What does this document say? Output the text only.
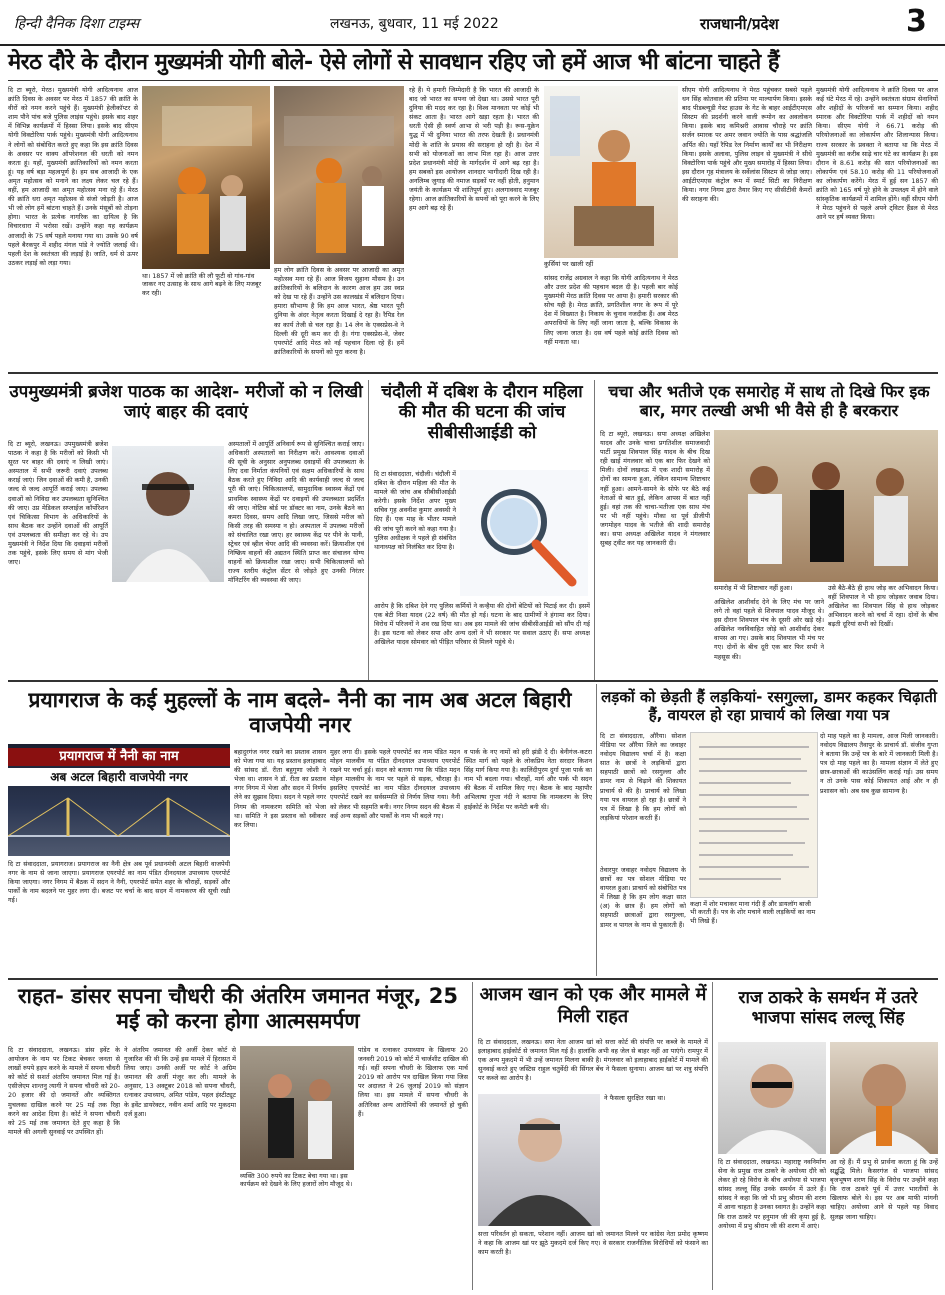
हिन्दी दैनिक दिशा टाइम्स	लखनऊ, बुधवार, 11 मई 2022	राजधानी/प्रदेश	3
मेरठ दौरे के दौरान मुख्यमंत्री योगी बोले- ऐसे लोगों से सावधान रहिए जो हमें आज भी बांटना चाहते हैं
दि टा ब्यूरो, मेरठ। मुख्यमंत्री योगी आदित्यनाथ आज क्रांति दिवस के अवसर पर मेरठ में 1857 की क्रांति के वीरों को नमन करने पहुंचे हैं। मुख्यमंत्री हेलीकॉप्टर से शाम पौने पांच बजे पुलिस लाइंस पहुंचे। इसके बाद शहर में विभिन्न कार्यक्रमों में हिस्सा लिया। इसके बाद सीएम योगी विक्टोरिया पार्क पहुंचे। मुख्यमंत्री योगी आदित्यनाथ ने लोगों को संबोधित करते हुए कहा कि इस क्रांति दिवस के अवसर पर वाक्य ऑपरेशनल की धरती को नमन करता हूं। यहाँ, मुख्यमंत्री क्रांतिकारियों को नमन करता हूं। यह वर्ष बड़ा महत्वपूर्ण है। हम सब आजादी के एक अमृत महोत्सव को मनाने का लक्ष्य लेकर चल रहे हैं। वहीं, हम आजादी का अमृत महोत्सव मना रहे हैं। मेरठ की क्रांति धरा अमृत महोत्सव से संजो जोड़ती है। आज भी जो लोग हमें बांटना चाहते हैं। उनके मंसूबों को तोड़ना होगा। भारत के प्रत्येक नागरिक का दायित्व है कि विचारधारा में भरोसा रखें। उन्होंने कहा यह कार्यक्रम आजादी के 75 वर्ष पहले मनाया गया था। उसके 90 वर्ष पहले बैरकपुर में शहीद मंगल पांडे ने ज्योति जलाई थी। पहली देश के स्वतंत्रता की लड़ाई है। जाति, धर्म से ऊपर उठकर लड़ाई को लड़ा गया।
था। 1857 में जो क्रांति की लौ फूटी वो गांव-गांव जाकर नए उत्साह के साथ आगे बढ़ने के लिए मजबूर कर रही।
हम लोग क्रांति दिवस के अवसर पर आजादी का अमृत महोत्सव मना रहे हैं। आज विजय सुहाना मौसम है। उन क्रांतिकारियों के बलिदान के कारण आज हम उस स्वप्न को देख पा रहे हैं। उन्होंने उस कालखंड में बलिदान दिया। हमारा सौभाग्य है कि हम आज भारत, श्रेष्ठ भारत पूरी दुनिया के अंदर नेतृत्व करता दिखाई दे रहा है। रैपिड रेल का कार्य तेजी से चल रहा है। 14 लेन के एक्सप्रेस-वे ने दिल्ली की दूरी कम कर दी है। गंगा एक्सप्रेस-वे, जेवर एयरपोर्ट आदि मेरठ को नई पहचान दिला रहे हैं। हमें क्रांतिकारियों के सपनों को पूरा करना है।
रहे हैं। ये हमारी जिम्मेदारी है कि भारत की आजादी के बाद जो भारत का सपना जो देखा था। उससे भारत पूरी दुनिया की मदद कर रहा है। विश्व मानवता पर कोई भी संकट आता है। भारत आगे खड़ा रहता है। भारत की धरती ऐसी ही स्वर्ण आभा से भरी पड़ी है। रूस-यूक्रेन युद्ध में भी दुनिया भारत की तरफ देखती है। प्रधानमंत्री मोदी के शांति के प्रयास की सराहना हो रही है। देश में सभी को योजनाओं का लाभ मिल रहा है। आज उत्तर प्रदेश प्रधानमंत्री मोदी के मार्गदर्शन में आगे बढ़ रहा है। हम सबको इस आयोजन शानदार भागीदारी दिख रही है। अनलिम्ब जुगाड़ की नमाज सड़कों पर नहीं होती, हनुमान जयंती के कार्यक्रम भी शांतिपूर्ण हुए। अलगाववाद मजबूर रहेगा। आज क्रांतिकारियों के सपनों को पूरा करने के लिए हम आगे बढ़ रहे हैं।
कुर्सियां पर खाली रहीं
सांसद राजेंद्र अग्रवाल ने कहा कि योगी आदित्यनाथ ने मेरठ और उत्तर प्रदेश की पहचान बदल दी है। पहली बार कोई मुख्यमंत्री मेरठ क्रांति दिवस पर आया है। हमारी सरकार की सोच यही है। मेरठ क्रांति, प्रगतिशील नगर के रूप में पूरे देश में विख्यात है। निकाय के चुनाव नजदीक हैं। अब मेरठ अपराधियों के लिए नहीं जाना जाता है, बल्कि विकास के लिए जाना जाता है। दस वर्ष पहले कोई क्रांति दिवस को नहीं मनाता था।
सीएम योगी आदित्यनाथ ने मेरठ पहुंचकर सबसे पहले धन सिंह कोतवाल की प्रतिमा पर माल्यार्पण किया। इसके बाद पीडब्ल्यूडी गेस्ट हाउस के गेट के बाहर आईटीएमएस सिस्टम की प्रदर्शनी करने वाली रूमोन का अवलोकन किया। इसके बाद कमिश्नरी आवास चौराहे पर क्रांति सर्जन स्मारक पर अमर जवान ज्योति के पास श्रद्धांजलि अर्पित की। यहाँ रैपिड रेल निर्माण कार्यों का भी निरीक्षण किया। इसके अलावा, पुलिस लाइन से मुख्यमंत्री ने सीधे विक्टोरिया पार्क पहुंचे और मुख्य समारोह में हिस्सा लिया। इस दौरान गृह मंत्रालय के सर्वेलांस सिस्टम से जोड़ा जाए। आईटीएमएस कंट्रोल रूम में स्मार्ट सिटी का निरीक्षण किया। नगर निगम द्वारा तैयार किए गए सीसीटीवी कैमरों की सराहना की।
मुख्यमंत्री योगी आदित्यनाथ ने क्रांति दिवस पर आज कई घंटे मेरठ में रहे। उन्होंने स्वतंत्रता संग्राम सेनानियों और शहीदों के परिजनों का सम्मान किया। शहीद स्मारक और विक्टोरिया पार्क में शहीदों को नमन किया। सीएम योगी ने 66.71 करोड़ की परियोजनाओं का लोकार्पण और शिलान्यास किया। राज्य सरकार के प्रवक्ता ने बताया था कि मेरठ में मुख्यमंत्री का करीब साढ़े चार घंटे का कार्यक्रम है। इस दौरान वे 8.61 करोड़ की सात परियोजनाओं का लोकार्पण एवं 58.10 करोड़ की 11 परियोजनाओं का लोकार्पण करेंगे। मेरठ में हुई सन 1857 की क्रांति को 165 वर्ष पूरे होने के उपलक्ष्य में होने वाले सांस्कृतिक कार्यक्रमों में शामिल होंगे। वहीं सीएम योगी ने मेरठ पहुंचने से पहले अपने ट्विटर हैंडल से मेरठ आने पर हर्ष व्यक्त किया।
उपमुख्यमंत्री ब्रजेश पाठक का आदेश- मरीजों को न लिखी जाएं बाहर की दवाएं
दि टा ब्यूरो, लखनऊ। उपमुख्यमंत्री ब्रजेश पाठक ने कहा है कि मरीजों को किसी भी सूरत पर बाहर की दवाएं न लिखी जाएं। अस्पताल में सभी जरूरी दवाएं उपलब्ध कराई जाएं। जिन दवाओं की कमी है, उनकी जल्द से जल्द आपूर्ति कराई जाए। उपलब्ध दवाओं को निविदा कर उपलब्धता सुनिश्चित की जाए। उप्र मेडिकल सप्लाईज कॉर्पोरेशन एवं चिकित्सा विभाग के अधिकारियों के साथ बैठक कर उन्होंने दवाओं की आपूर्ति एवं उपलब्धता की समीक्षा कर रहे थे। उप मुख्यमंत्री ने निर्देश दिया कि दवाइयां मरीजों तक पहुंचे, इसके लिए समय से मांग भेजी जाए।
अस्पतालों में आपूर्ति अनिवार्य रूप से सुनिश्चित कराई जाए। अधिकारी अस्पतालों का निरीक्षण करें। आवश्यक दवाओं की सूची के अनुसार अनुपलब्ध दवाइयों की उपलब्धता के लिए दवा निर्माता कंपनियों एवं सक्षम अधिकारियों के साथ बैठक करते हुए निविदा आदि की कार्यवाही जल्द से जल्द पूरी की जाएं। चिकित्सालयों, सामुदायिक स्वास्थ्य केंद्रों एवं प्राथमिक स्वास्थ्य केंद्रों पर दवाइयों की उपलब्धता प्रदर्शित की जाए। नोटिस बोर्ड पर डॉक्टर का नाम, उनके बैठने का कमरा दिवस, समय आदि लिखा जाए, जिससे मरीज को किसी तरह की समस्या न हो। अस्पताल में उपलब्ध मरीजों को संचालित रखा जाए। हर स्वास्थ्य केंद्र पर पीने के पानी, स्ट्रेचर एवं व्हील चेयर आदि की व्यवस्था करें। क्रियाशील एवं निष्क्रिय वाहनों की अद्यतन स्थिति प्राप्त कर संचालन योग्य वाहनों को क्रियाशील रखा जाए। सभी चिकित्सालयों को राज्य स्तरीय कंट्रोल सेंटर से जोड़ते हुए उनकी निरंतर मॉनिटरिंग की व्यवस्था की जाए।
चंदौली में दबिश के दौरान महिला की मौत की घटना की जांच सीबीसीआईडी को
दि टा संवाददाता, चंदौली। चंदौली में दबिश के दौरान महिला की मौत के मामले की जांच अब सीबीसीआईडी करेगी। इसके निर्देश अपर मुख्य सचिव गृह अवनीश कुमार अवस्थी ने दिए हैं। एक माह के भीतर मामले की जांच पूरी करने को कहा गया है। पुलिस अधीक्षक ने पहले ही संबंधित थानाध्यक्ष को निलंबित कर दिया है।
आरोप है कि दबिश देने गए पुलिस कर्मियों ने कन्हैया की दोनों बेटियों को पिटाई कर दी। इसमें एक बेटी निशा यादव (22 वर्ष) की मौत हो गई। घटना के बाद ग्रामीणों ने हंगामा कर दिया। विरोध में परिजनों ने शव रख दिया था। अब इस मामले की जांच सीबीसीआईडी को सौंप दी गई है। इस घटना को लेकर सपा और अन्य दलों ने भी सरकार पर सवाल उठाए हैं। सपा अध्यक्ष अखिलेश यादव सोमवार को पीड़ित परिवार से मिलने पहुंचे थे।
चचा और भतीजे एक समारोह में साथ तो दिखे फिर इक बार, मगर तल्खी अभी भी वैसे ही है बरकरार
दि टा ब्यूरो, लखनऊ। सपा अध्यक्ष अखिलेश यादव और उनके चाचा प्रगतिशील समाजवादी पार्टी प्रमुख शिवपाल सिंह यादव के बीच दिख रही खाई मंगलवार को एक बार फिर देखने को मिली। दोनों लखनऊ में एक शादी समारोह में दोनों का सामना हुआ, लेकिन सामान्य शिष्टाचार नहीं हुआ। आमने-सामने के सोफे पर बैठे कई नेताओं से बात हुई, लेकिन आपस में बात नहीं हुई। वहां तक की चाचा-भतीजा एक साथ मंच पर भी नहीं पहुंचे। मौका था पूर्व डीजीपी जगमोहन यादव के भतीजे की शादी समारोह का। सपा अध्यक्ष अखिलेश यादव ने मंगलवार सुबह ट्वीट कर यह जानकारी दी।
समारोह में भी शिष्टाचार नहीं हुआ।
अखिलेश आशीर्वाद देने के लिए मंच पर जाने लगे तो वहां पहले से शिवपाल यादव मौजूद थे। इस दौरान शिवपाल मंच के दूसरी ओर खड़े रहे। अखिलेश नवविवाहित जोड़े को आशीर्वाद देकर वापस आ गए। उसके बाद शिवपाल भी मंच पर गए। दोनों के बीच दूरी एक बार फिर सभी ने महसूस की।
उसे बैठे-बैठे ही हाथ जोड़ कर अभिवादन किया। वहीं शिवपाल ने भी हाथ जोड़कर जवाब दिया। अखिलेश का शिवपाल सिंह से हाथ जोड़कर अभिवादन करने को चर्चा में रहा। दोनों के बीच बढ़ती दूरियां सभी को दिखीं।
प्रयागराज के कई मुहल्लों के नाम बदले- नैनी का नाम अब अटल बिहारी वाजपेयी नगर
प्रयागराज में नैनी का नाम
अब अटल बिहारी वाजपेयी नगर
दि टा संवाददाता, प्रयागराज। प्रयागराज का नैनी क्षेत्र अब पूर्व प्रधानमंत्री अटल बिहारी वाजपेयी नगर के नाम से जाना जाएगा। प्रयागराज एयरपोर्ट का नाम पंडित दीनदयाल उपाध्याय एयरपोर्ट किया जाएगा। नगर निगम में बैठक में सदन ने नैनी, एयरपोर्ट समेत शहर के चौराहों, सड़कों और पार्कों के नाम बदलने पर मुहर लगा दी। बजट पर चर्चा के बाद सदन में नामकरण की सूची रखी गई।
बहादुरगंज नगर रखने का प्रस्ताव शासन को भेजा गया था। यह प्रस्ताव इलाहाबाद की सांसद डॉ. रीता बहुगुणा जोशी ने भेजा था। शासन ने डॉ. रीता का प्रस्ताव नगर निगम में भेजा और सदन में निर्णय लेने का सुझाव दिया। सदन ने पहले नगर निगम की नामकरण समिति को भेजा था। समिति ने इस प्रस्ताव को स्वीकार कर लिया।
मुहर लगा दी। इसके पहले एयरपोर्ट का नाम पंडित मदन मोहन मालवीय या पंडित दीनदयाल उपाध्याय एयरपोर्ट रखने पर चर्चा हुई। सदन को बताया गया कि पंडित मदन मोहन मालवीय के नाम पर पहले से सड़क, चौराहा है। इसलिए एयरपोर्ट का नाम पंडित दीनदयाल उपाध्याय एयरपोर्ट रखने का सर्वसम्मति से निर्णय लिया गया। नैनी को लेकर भी सहमति बनी। नगर निगम सदन की बैठक में कई अन्य सड़कों और पार्कों के नाम भी बदले गए।
व पार्क के नए नामों को हरी झंडी दे दी। बेनीगंज-कटरा स्थित मार्ग को पहले के लोकप्रिय नेता सरदार किशन सिंह मार्ग किया गया है। कालिंदीपुरम दुर्गा पूजा पार्क का नाम भी बदला गया। चौराहों, मार्ग और पार्क भी सदन की बैठक में शामिल किए गए। बैठक के बाद महापौर अभिलाषा गुप्ता नंदी ने बताया कि नामकरण के लिए हाईकोर्ट के निर्देश पर कमेटी बनी थी।
लड़कों को छेड़ती हैं लड़कियां- रसगुल्ला, डामर कहकर चिढ़ाती हैं, वायरल हो रहा प्राचार्य को लिखा गया पत्र
दि टा संवाददाता, औरैया। सोशल मीडिया पर औरैया जिले का जवाहर नवोदय विद्यालय चर्चा में है। कक्षा सात के छात्रों ने लड़कियों द्वारा सहपाठी छात्रों को रसगुल्ला और डामर नाम से चिढ़ाने की शिकायत प्राचार्य से की है। प्राचार्य को लिखा गया पत्र वायरल हो रहा है। छात्रों ने पत्र में लिखा है कि हम लोगों को लड़कियां परेशान करती हैं।
तेवारपुर जवाहर नवोदय विद्यालय के छात्रों का पत्र सोशल मीडिया पर वायरल हुआ। प्राचार्य को संबोधित पत्र में लिखा है कि हम लोग कक्षा सात (अ) के छात्र हैं। हम लोगों को सहपाठी छात्राओं द्वारा रसगुल्ला, डामर व पागल के नाम से पुकारती हैं।
कक्षा में शोर मचाकर माना गंदी हैं और डायलॉग बाजी भी करती हैं। पत्र के शोर मचाने वाली लड़कियों का नाम भी लिखे हैं।
दो माह पहले का है मामला, आज मिली जानकारी। नवोदय विद्यालय तैवापुर के प्राचार्य डॉ. संजीव गुप्ता ने बताया कि उन्हें पत्र के बारे में जानकारी मिली है। पत्र दो माह पहले का है। मामला संज्ञान में लेते हुए छात्र-छात्राओं की काउंसलिंग कराई गई। उस समय न तो उनके पास कोई शिकायत आई और न ही प्रशासन को। अब सब कुछ सामान्य है।
राहत- डांसर सपना चौधरी की अंतरिम जमानत मंजूर, 25 मई को करना होगा आत्मसमर्पण
दि टा संवाददाता, लखनऊ। डांस इवेंट के आयोजन के नाम पर टिकट बेचकर जनता से लाखों रुपये हड़प करने के मामले में सपना चौधरी को कोर्ट से सशर्त अंतरिम जमानत मिल गई है। एसीजेएम शान्तनु त्यागी ने सपना चौधरी को 20-20 हजार की दो जमानतें और व्यक्तिगत मुचलका दाखिल करने पर 25 मई तक रिहा करने का आदेश दिया है। कोर्ट ने सपना चौधरी को 25 मई तक जमानत देते हुए कहा है कि मामले की अगली सुनवाई पर उपस्थित हों।
ने अंतरिम जमानत की अर्जी देकर कोर्ट से गुजारिश की थी कि उन्हें इस मामले में हिरासत में लिया जाए। उनकी अर्जी पर कोर्ट ने अग्रिम जमानत की अर्जी मंजूर कर ली। मामले के अनुसार, 13 अक्टूबर 2018 को सपना चौधरी, रत्नाकर उपाध्याय, अमित पांडेय, पहल इंस्टीट्यूट के इवेंट डायरेक्टर, नवीन शर्मा आदि पर मुकदमा दर्ज हुआ।
व्यक्ति 300 रुपये का टिकट बेचा गया था। इस कार्यक्रम को देखने के लिए हजारों लोग मौजूद थे।
पांडेय व रत्नाकर उपाध्याय के खिलाफ 20 जनवरी 2019 को कोर्ट में चार्जशीट दाखिल की गई। वहीं सपना चौधरी के खिलाफ एक मार्च 2019 को आरोप पत्र दाखिल किया गया जिस पर अदालत ने 26 जुलाई 2019 को संज्ञान लिया था। इस मामले में सपना चौधरी के अतिरिक्त अन्य आरोपियों की जमानतें हो चुकी हैं।
आजम खान को एक और मामले में मिली राहत
दि टा संवाददाता, लखनऊ। सपा नेता आजम खां को सत्ता कोर्ट की संपत्ति पर कब्जे के मामले में इलाहाबाद हाईकोर्ट से जमानत मिल गई है। हालांकि अभी वह जेल से बाहर नहीं आ पाएंगे। रामपुर में एक अन्य मुकदमे में भी उन्हें जमानत मिलना बाकी है। मंगलवार को इलाहाबाद हाईकोर्ट में मामले की सुनवाई करते हुए जस्टिस राहुल चतुर्वेदी की सिंगल बेंच ने फैसला सुनाया। आजम खां पर शत्रु संपत्ति पर कब्जे का आरोप है।
ने फैसला सुरक्षित रखा था।
सत्ता परिवर्तन हो सकता, परेशान नहीं। आजम खां को जमानत मिलने पर कांग्रेस नेता प्रमोद कृष्णम ने कहा कि आजम खां पर झूठे मुकदमे दर्ज किए गए। वे सरकार राजनीतिक विरोधियों को फंसाने का काम करती है।
राज ठाकरे के समर्थन में उतरे भाजपा सांसद लल्लू सिंह
दि टा संवाददाता, लखनऊ। महाराष्ट्र नवनिर्माण सेना के प्रमुख राज ठाकरे के अयोध्या दौरे को लेकर हो रहे विरोध के बीच अयोध्या से भाजपा सांसद लल्लू सिंह उनके समर्थन में उतरे हैं। सांसद ने कहा कि जो भी प्रभु श्रीराम की शरण में आना चाहता है उनका स्वागत है। उन्होंने कहा कि राज ठाकरे पर हनुमान जी की कृपा हुई है, अयोध्या में प्रभु श्रीराम जी की शरण में आएं।
आ रहे हैं। मैं प्रभु से प्रार्थना करता हूं कि उन्हें सद्बुद्धि मिले। कैसरगंज से भाजपा सांसद बृजभूषण शरण सिंह के विरोध पर उन्होंने कहा कि राज ठाकरे पूर्व में उत्तर भारतीयों के खिलाफ बोले थे। इस पर अब माफी मांगनी चाहिए। अयोध्या आने से पहले यह विवाद सुलझ जाना चाहिए।
